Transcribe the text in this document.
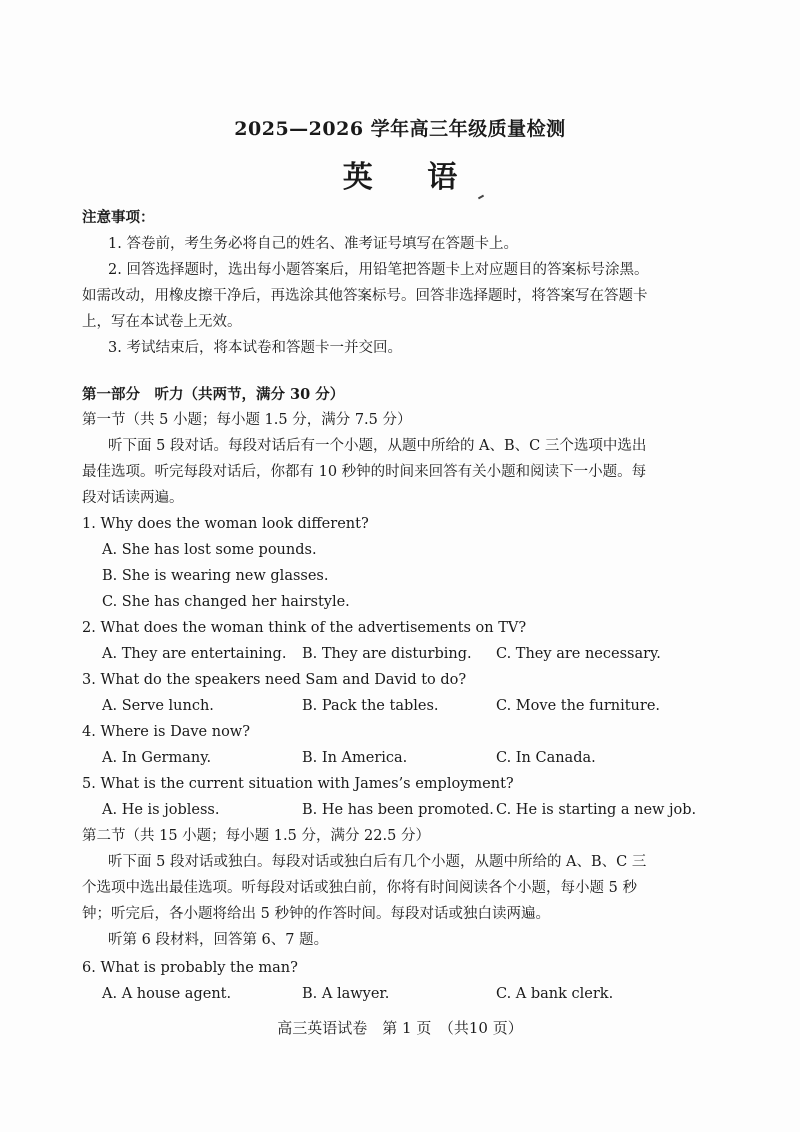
2025—2026 学年高三年级质量检测
英 语
注意事项：
1. 答卷前，考生务必将自己的姓名、准考证号填写在答题卡上。
2. 回答选择题时，选出每小题答案后，用铅笔把答题卡上对应题目的答案标号涂黑。
如需改动，用橡皮擦干净后，再选涂其他答案标号。回答非选择题时，将答案写在答题卡
上，写在本试卷上无效。
3. 考试结束后，将本试卷和答题卡一并交回。
第一部分　听力（共两节，满分 30 分）
第一节（共 5 小题；每小题 1.5 分，满分 7.5 分）
听下面 5 段对话。每段对话后有一个小题，从题中所给的 A、B、C 三个选项中选出
最佳选项。听完每段对话后，你都有 10 秒钟的时间来回答有关小题和阅读下一小题。每
段对话读两遍。
1. Why does the woman look different?
A. She has lost some pounds.
B. She is wearing new glasses.
C. She has changed her hairstyle.
2. What does the woman think of the advertisements on TV?
A. They are entertaining. B. They are disturbing. C. They are necessary.
3. What do the speakers need Sam and David to do?
A. Serve lunch.	B. Pack the tables.	C. Move the furniture.
4. Where is Dave now?
A. In Germany.	B. In America.	C. In Canada.
5. What is the current situation with James’s employment?
A. He is jobless.	B. He has been promoted. C. He is starting a new job.
第二节（共 15 小题；每小题 1.5 分，满分 22.5 分）
听下面 5 段对话或独白。每段对话或独白后有几个小题，从题中所给的 A、B、C 三
个选项中选出最佳选项。听每段对话或独白前，你将有时间阅读各个小题，每小题 5 秒
钟；听完后，各小题将给出 5 秒钟的作答时间。每段对话或独白读两遍。
听第 6 段材料，回答第 6、7 题。
6. What is probably the man?
A. A house agent.	B. A lawyer.	C. A bank clerk.
高三英语试卷　第 1 页　（共10 页）
